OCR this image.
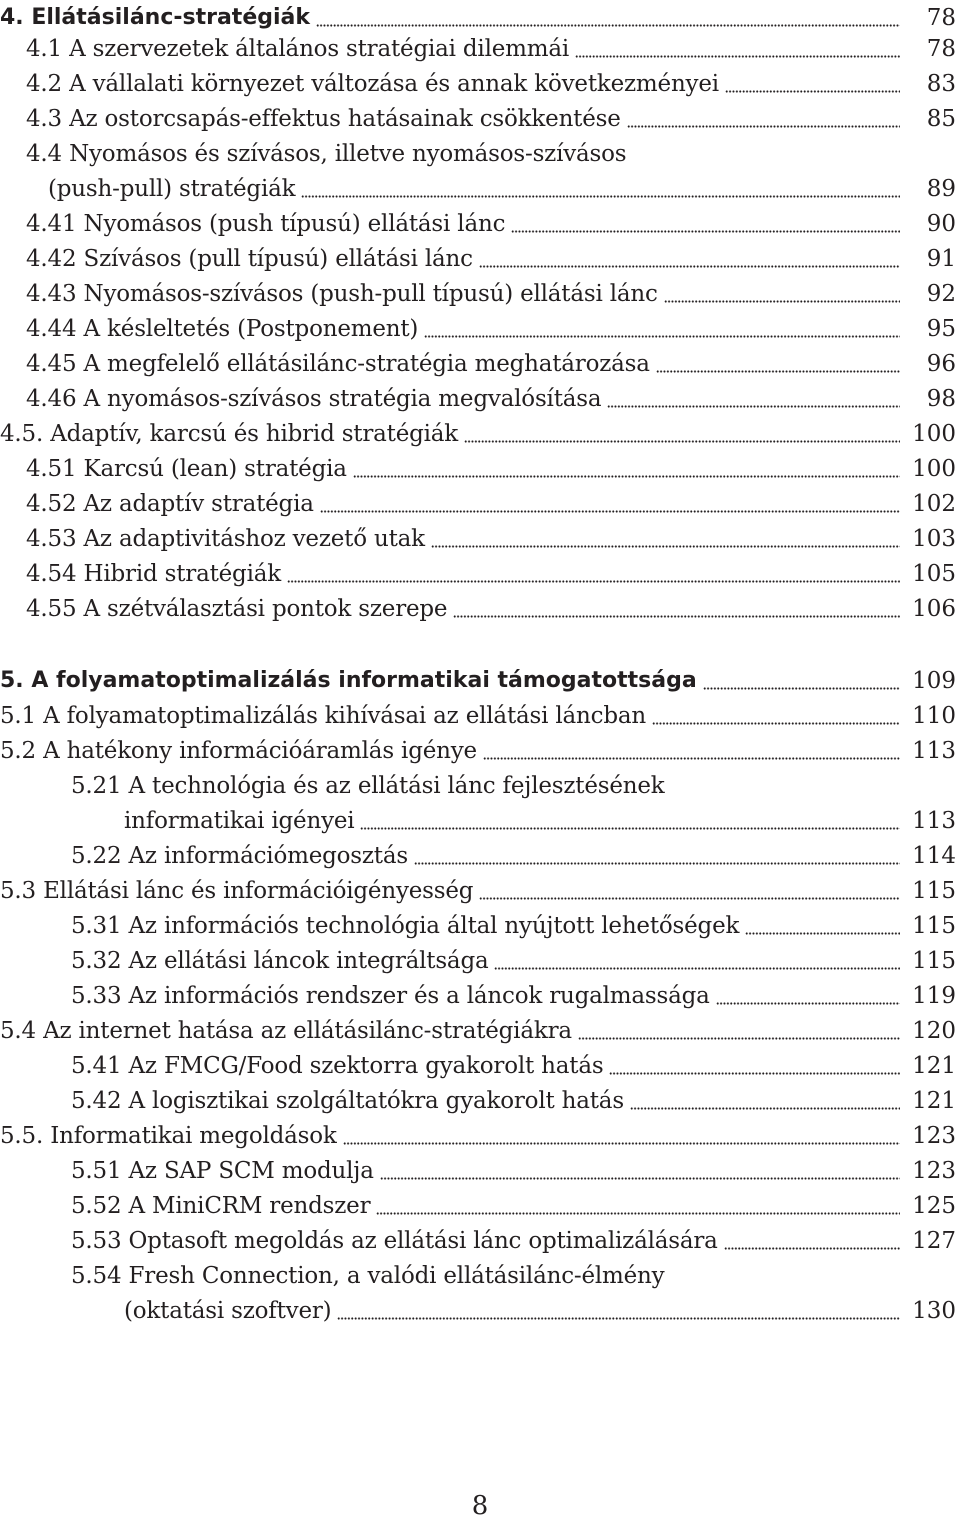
4. Ellátásilánc-stratégiák	78
4.1 A szervezetek általános stratégiai dilemmái	78
4.2 A vállalati környezet változása és annak következményei	83
4.3 Az ostorcsapás-effektus hatásainak csökkentése	85
4.4 Nyomásos és szívásos, illetve nyomásos-szívásos
(push-pull) stratégiák	89
4.41 Nyomásos (push típusú) ellátási lánc	90
4.42 Szívásos (pull típusú) ellátási lánc	91
4.43 Nyomásos-szívásos (push-pull típusú) ellátási lánc	92
4.44 A késleltetés (Postponement)	95
4.45 A megfelelő ellátásilánc-stratégia meghatározása	96
4.46 A nyomásos-szívásos stratégia megvalósítása	98
4.5. Adaptív, karcsú és hibrid stratégiák	100
4.51 Karcsú (lean) stratégia	100
4.52 Az adaptív stratégia	102
4.53 Az adaptivitáshoz vezető utak	103
4.54 Hibrid stratégiák	105
4.55 A szétválasztási pontok szerepe	106
5. A folyamatoptimalizálás informatikai támogatottsága	109
5.1 A folyamatoptimalizálás kihívásai az ellátási láncban	110
5.2 A hatékony információáramlás igénye	113
5.21 A technológia és az ellátási lánc fejlesztésének
informatikai igényei	113
5.22 Az információmegosztás	114
5.3 Ellátási lánc és információigényesség	115
5.31 Az információs technológia által nyújtott lehetőségek	115
5.32 Az ellátási láncok integráltsága	115
5.33 Az információs rendszer és a láncok rugalmassága	119
5.4 Az internet hatása az ellátásilánc-stratégiákra	120
5.41 Az FMCG/Food szektorra gyakorolt hatás	121
5.42 A logisztikai szolgáltatókra gyakorolt hatás	121
5.5. Informatikai megoldások	123
5.51 Az SAP SCM modulja	123
5.52 A MiniCRM rendszer	125
5.53 Optasoft megoldás az ellátási lánc optimalizálására	127
5.54 Fresh Connection, a valódi ellátásilánc-élmény
(oktatási szoftver)	130
8
